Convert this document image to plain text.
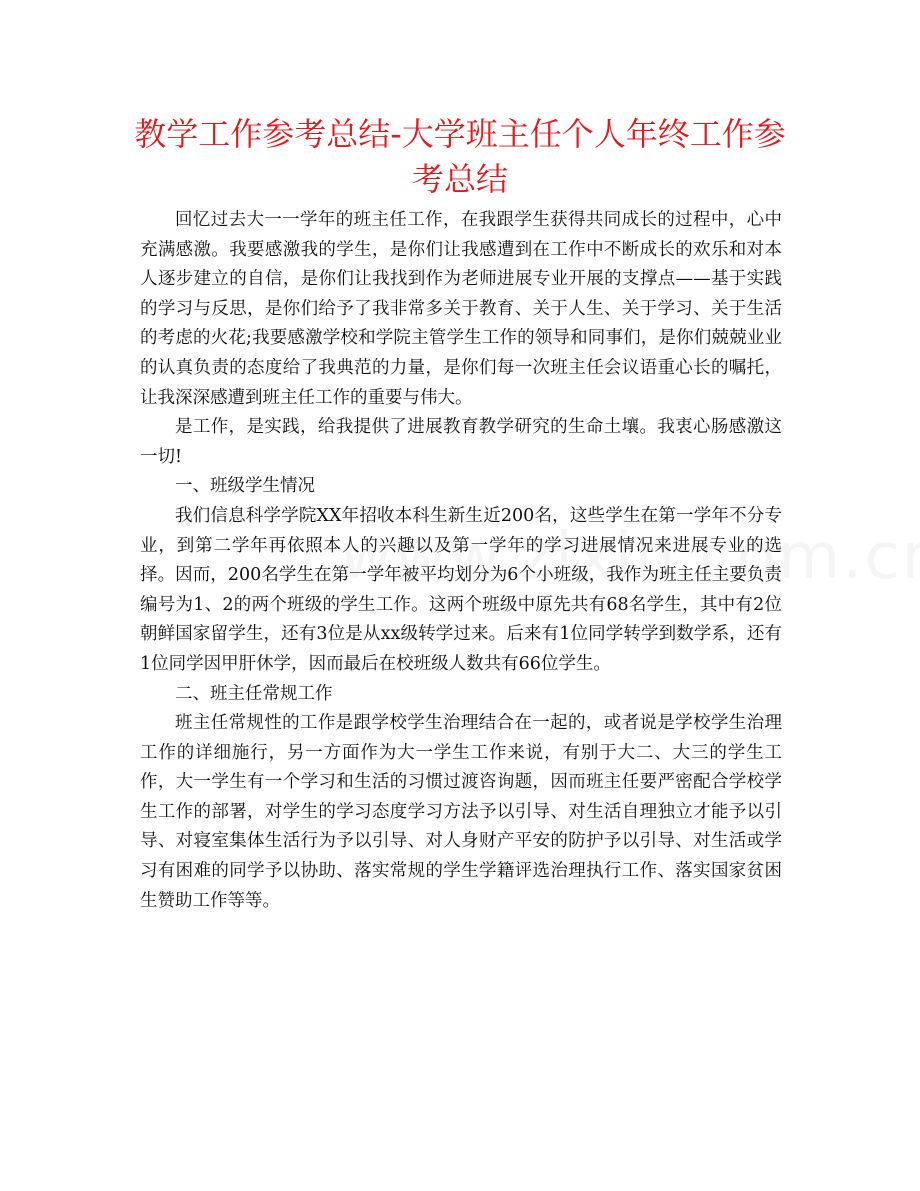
教学工作参考总结-大学班主任个人年终工作参考总结

回忆过去大一一学年的班主任工作，在我跟学生获得共同成长的过程中，心中充满感激。我要感激我的学生，是你们让我感遭到在工作中不断成长的欢乐和对本人逐步建立的自信，是你们让我找到作为老师进展专业开展的支撑点——基于实践的学习与反思，是你们给予了我非常多关于教育、关于人生、关于学习、关于生活的考虑的火花;我要感激学校和学院主管学生工作的领导和同事们，是你们兢兢业业的认真负责的态度给了我典范的力量，是你们每一次班主任会议语重心长的嘱托，让我深深感遭到班主任工作的重要与伟大。

是工作，是实践，给我提供了进展教育教学研究的生命土壤。我衷心肠感激这一切!

一、班级学生情况

我们信息科学学院XX年招收本科生新生近200名，这些学生在第一学年不分专业，到第二学年再依照本人的兴趣以及第一学年的学习进展情况来进展专业的选择。因而，200名学生在第一学年被平均划分为6个小班级，我作为班主任主要负责编号为1、2的两个班级的学生工作。这两个班级中原先共有68名学生，其中有2位朝鲜国家留学生，还有3位是从xx级转学过来。后来有1位同学转学到数学系，还有1位同学因甲肝休学，因而最后在校班级人数共有66位学生。

二、班主任常规工作

班主任常规性的工作是跟学校学生治理结合在一起的，或者说是学校学生治理工作的详细施行，另一方面作为大一学生工作来说，有别于大二、大三的学生工作，大一学生有一个学习和生活的习惯过渡咨询题，因而班主任要严密配合学校学生工作的部署，对学生的学习态度学习方法予以引导、对生活自理独立才能予以引导、对寝室集体生活行为予以引导、对人身财产平安的防护予以引导、对生活或学习有困难的同学予以协助、落实常规的学生学籍评选治理执行工作、落实国家贫困生赞助工作等等。
